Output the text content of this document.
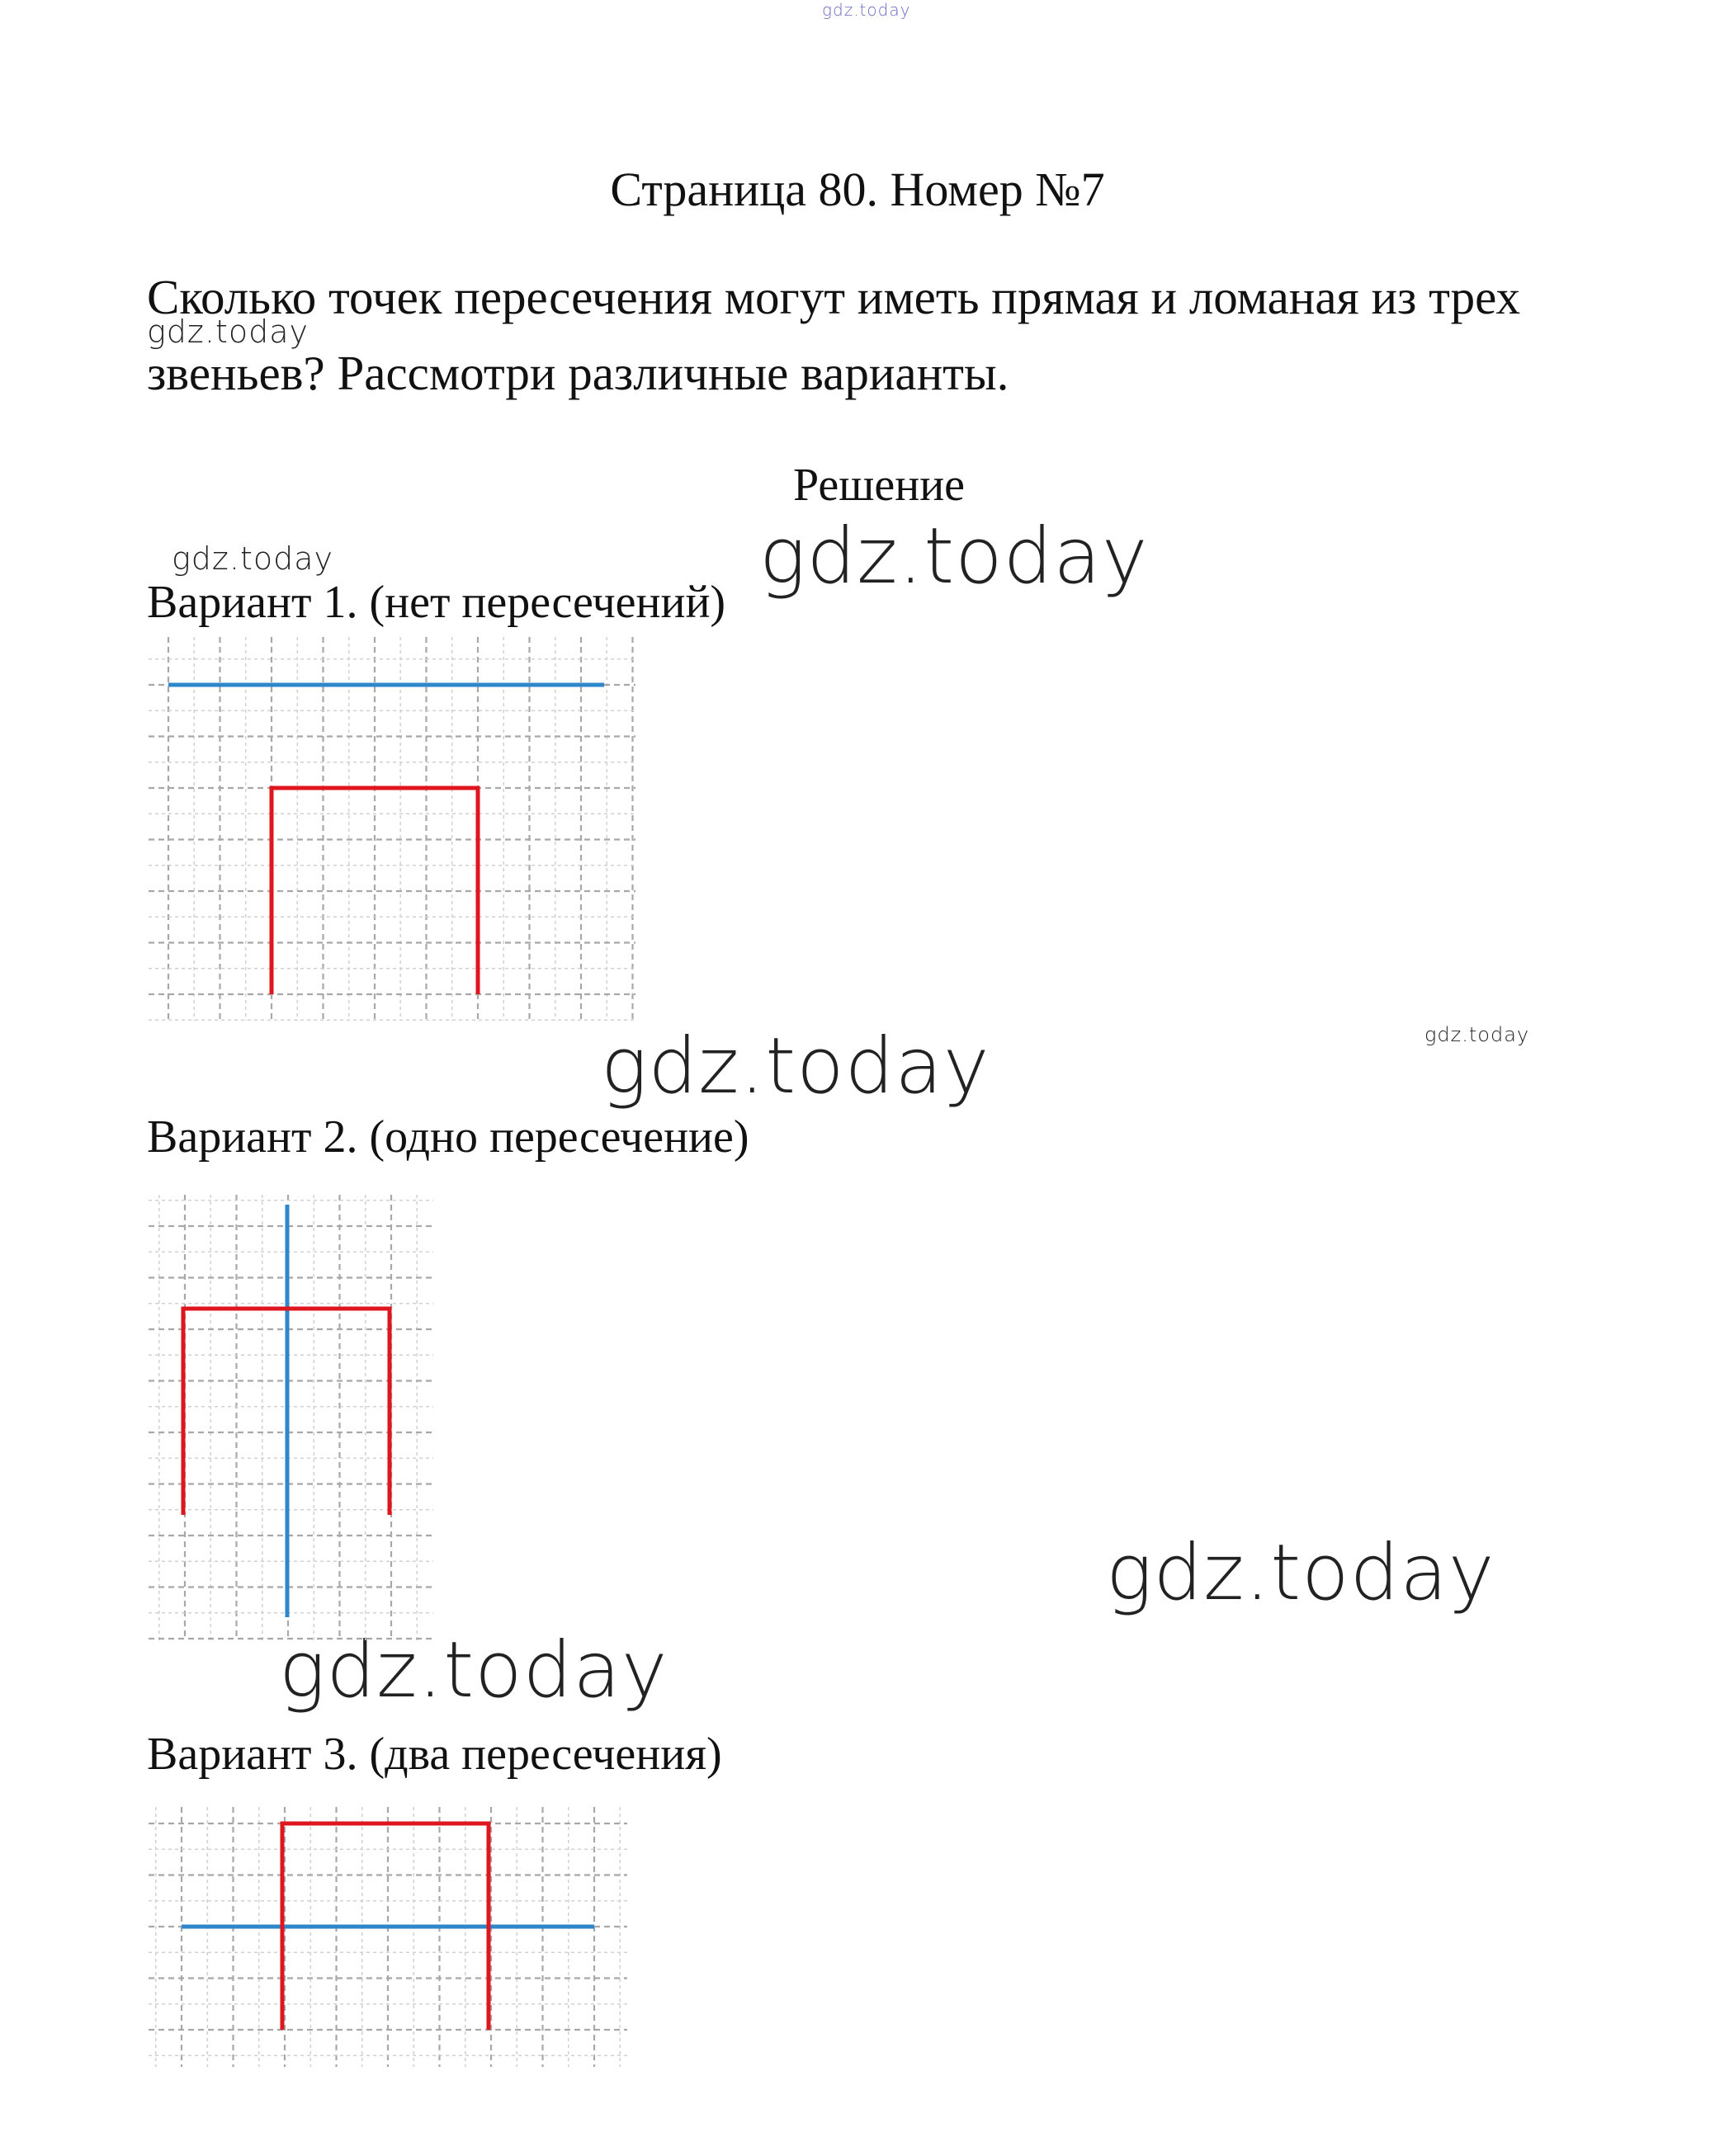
gdz.today
gdz.today
gdz.today	gdz.today
gdz.today	gdz.today
gdz.today
gdz.today
Страница 80. Номер №7
Сколько точек пересечения могут иметь прямая и ломаная из трех
звеньев? Рассмотри различные варианты.
Решение
Вариант 1. (нет пересечений)
Вариант 2. (одно пересечение)
Вариант 3. (два пересечения)
